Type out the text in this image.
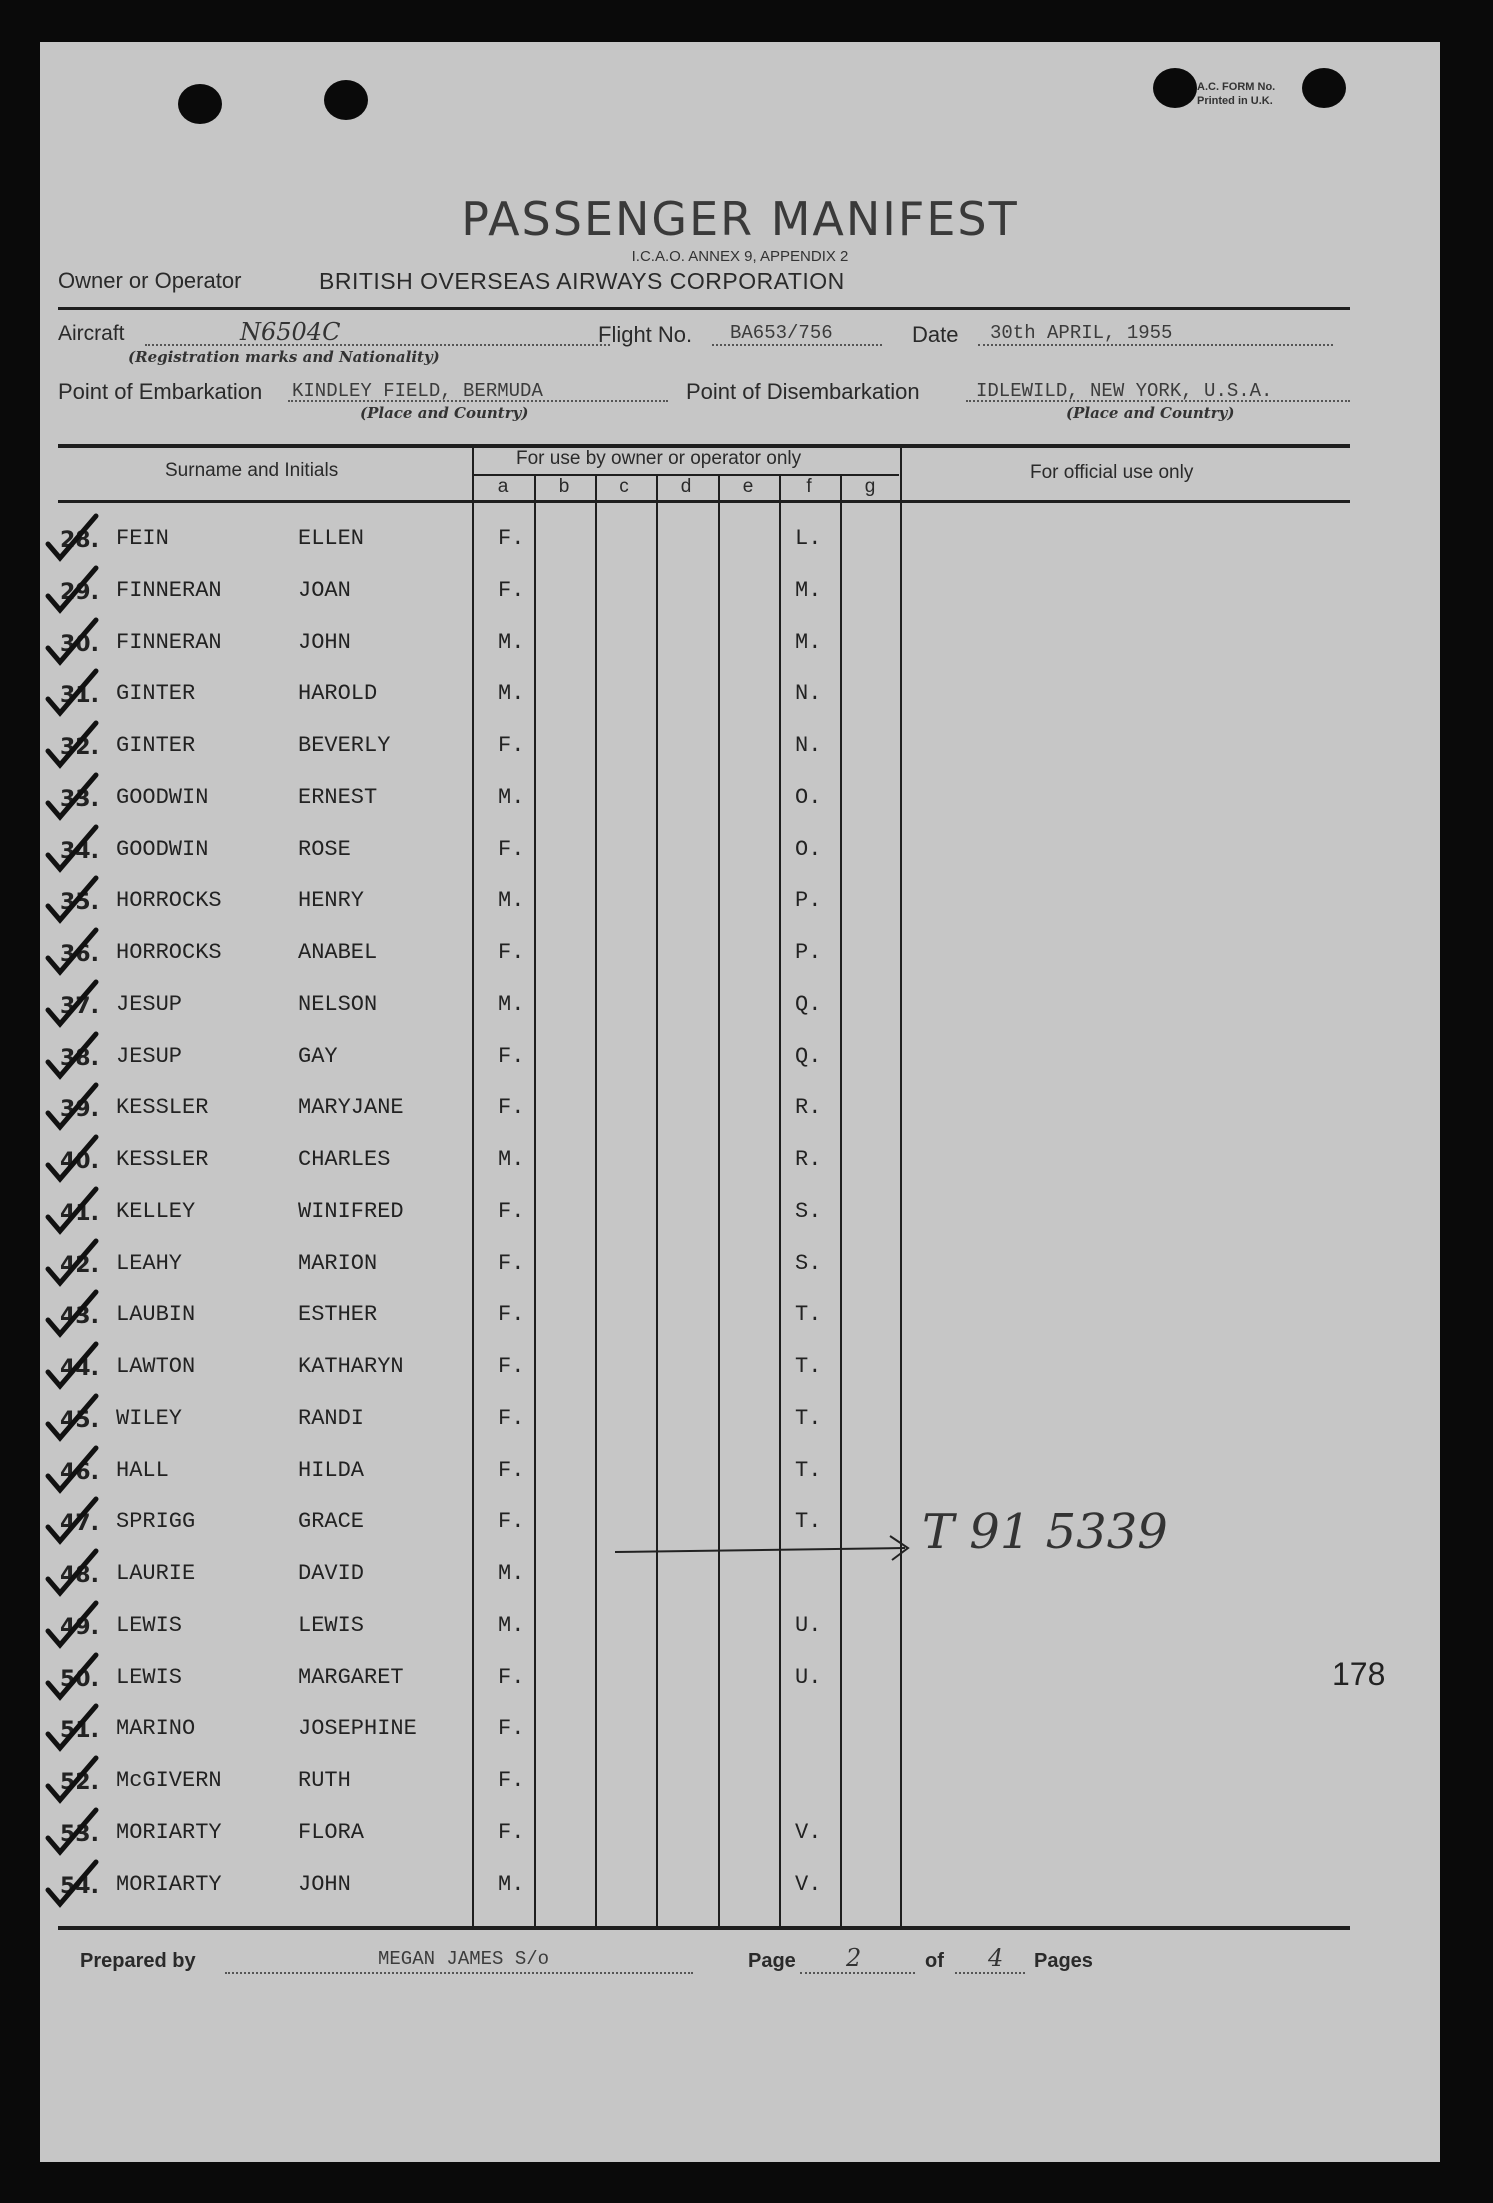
A.C. FORM No.
Printed in U.K.
PASSENGER MANIFEST
I.C.A.O. ANNEX 9, APPENDIX 2
Owner or Operator	BRITISH OVERSEAS AIRWAYS CORPORATION
Aircraft	N6504C
(Registration marks and Nationality)
Flight No. BA653/756	Date 30th APRIL, 1955
Point of Embarkation KINDLEY FIELD, BERMUDA
(Place and Country)
Point of Disembarkation	IDLEWILD, NEW YORK, U.S.A.
(Place and Country)
Surname and Initials
For use by owner or operator only
For official use only
a	b	c	d	e	f	g
28. FEIN	ELLEN	F.	L.
29. FINNERAN	JOAN	F.	M.
30. FINNERAN	JOHN	M.	M.
31. GINTER	HAROLD	M.	N.
32. GINTER	BEVERLY	F.	N.
33. GOODWIN	ERNEST	M.	O.
34. GOODWIN	ROSE	F.	O.
35. HORROCKS	HENRY	M.	P.
36. HORROCKS	ANABEL	F.	P.
37. JESUP	NELSON	M.	Q.
38. JESUP	GAY	F.	Q.
39. KESSLER	MARYJANE	F.	R.
40. KESSLER	CHARLES	M.	R.
41. KELLEY	WINIFRED	F.	S.
42. LEAHY	MARION	F.	S.
43. LAUBIN	ESTHER	F.	T.
44. LAWTON	KATHARYN	F.	T.
45. WILEY	RANDI	F.	T.
46. HALL	HILDA	F.	T.
47. SPRIGG	GRACE	F.	T.
48. LAURIE	DAVID	M.
49. LEWIS	LEWIS	M.	U.
50. LEWIS	MARGARET	F.	U.
51. MARINO	JOSEPHINE	F.
52. McGIVERN	RUTH	F.
53. MORIARTY	FLORA	F.	V.
54. MORIARTY	JOHN	M.	V.
T 91 5339
178
Prepared by	MEGAN JAMES S/o	Page 2	of 4 Pages
